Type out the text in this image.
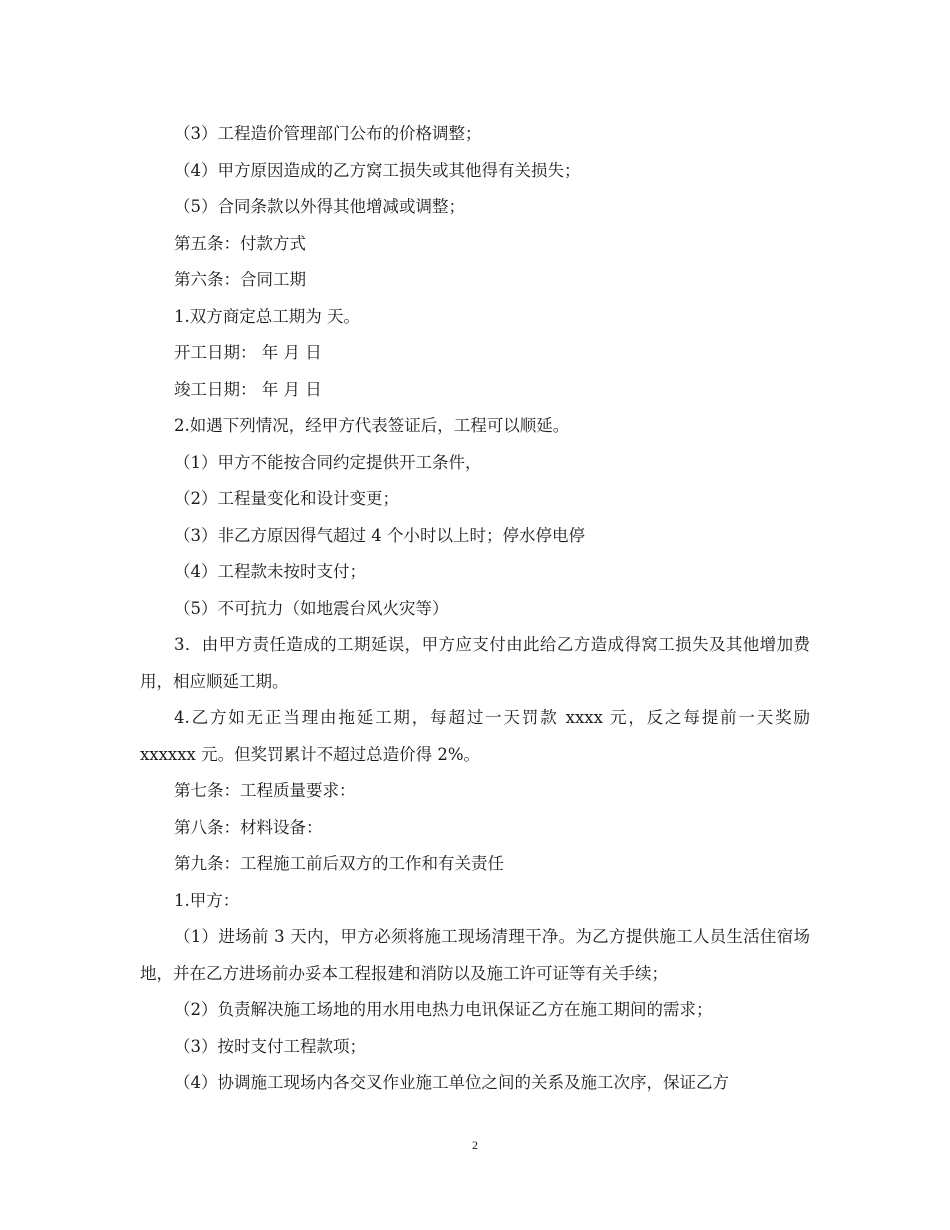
（3）工程造价管理部门公布的价格调整；
（4）甲方原因造成的乙方窝工损失或其他得有关损失；
（5）合同条款以外得其他增减或调整；
第五条：付款方式
第六条：合同工期
1.双方商定总工期为 天。
开工日期： 年 月 日
竣工日期： 年 月 日
2.如遇下列情况，经甲方代表签证后，工程可以顺延。
（1）甲方不能按合同约定提供开工条件，
（2）工程量变化和设计变更；
（3）非乙方原因得气超过 4 个小时以上时；停水停电停
（4）工程款未按时支付；
（5）不可抗力（如地震台风火灾等）

3．由甲方责任造成的工期延误，甲方应支付由此给乙方造成得窝工损失及其他增加费用，相应顺延工期。

4.乙方如无正当理由拖延工期，每超过一天罚款 xxxx 元，反之每提前一天奖励 xxxxxx 元。但奖罚累计不超过总造价得 2%。

第七条：工程质量要求：
第八条：材料设备：
第九条：工程施工前后双方的工作和有关责任
1.甲方：

（1）进场前 3 天内，甲方必须将施工现场清理干净。为乙方提供施工人员生活住宿场地，并在乙方进场前办妥本工程报建和消防以及施工许可证等有关手续；

（2）负责解决施工场地的用水用电热力电讯保证乙方在施工期间的需求；
（3）按时支付工程款项；
（4）协调施工现场内各交叉作业施工单位之间的关系及施工次序，保证乙方
2
